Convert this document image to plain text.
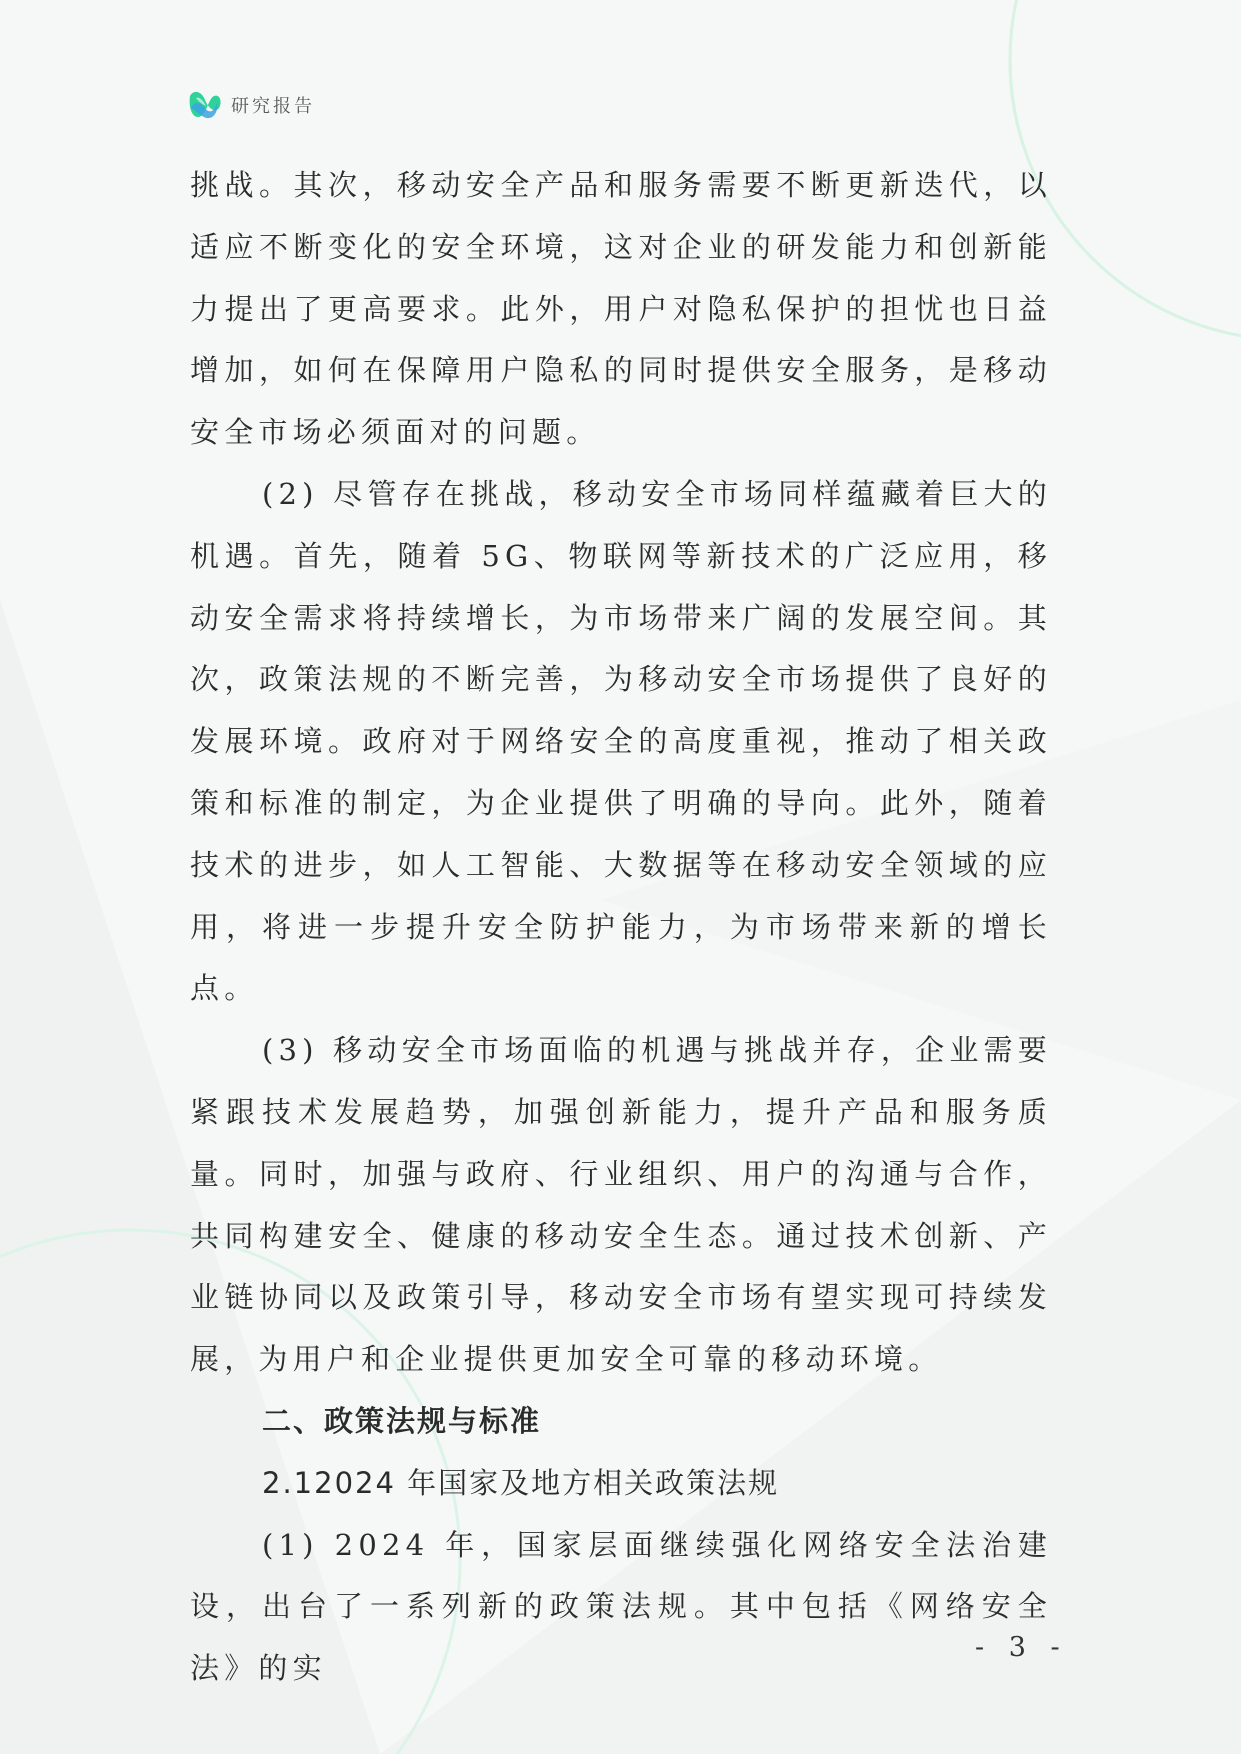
研究报告

挑战。其次，移动安全产品和服务需要不断更新迭代，以适应不断变化的安全环境，这对企业的研发能力和创新能力提出了更高要求。此外，用户对隐私保护的担忧也日益增加，如何在保障用户隐私的同时提供安全服务，是移动安全市场必须面对的问题。

(2) 尽管存在挑战，移动安全市场同样蕴藏着巨大的机遇。首先，随着 5G、物联网等新技术的广泛应用，移动安全需求将持续增长，为市场带来广阔的发展空间。其次，政策法规的不断完善，为移动安全市场提供了良好的发展环境。政府对于网络安全的高度重视，推动了相关政策和标准的制定，为企业提供了明确的导向。此外，随着技术的进步，如人工智能、大数据等在移动安全领域的应用，将进一步提升安全防护能力，为市场带来新的增长点。

(3) 移动安全市场面临的机遇与挑战并存，企业需要紧跟技术发展趋势，加强创新能力，提升产品和服务质量。同时，加强与政府、行业组织、用户的沟通与合作，共同构建安全、健康的移动安全生态。通过技术创新、产业链协同以及政策引导，移动安全市场有望实现可持续发展，为用户和企业提供更加安全可靠的移动环境。

二、政策法规与标准

2.12024 年国家及地方相关政策法规

(1) 2024 年，国家层面继续强化网络安全法治建设，出台了一系列新的政策法规。其中包括《网络安全法》的实

- 3 -
